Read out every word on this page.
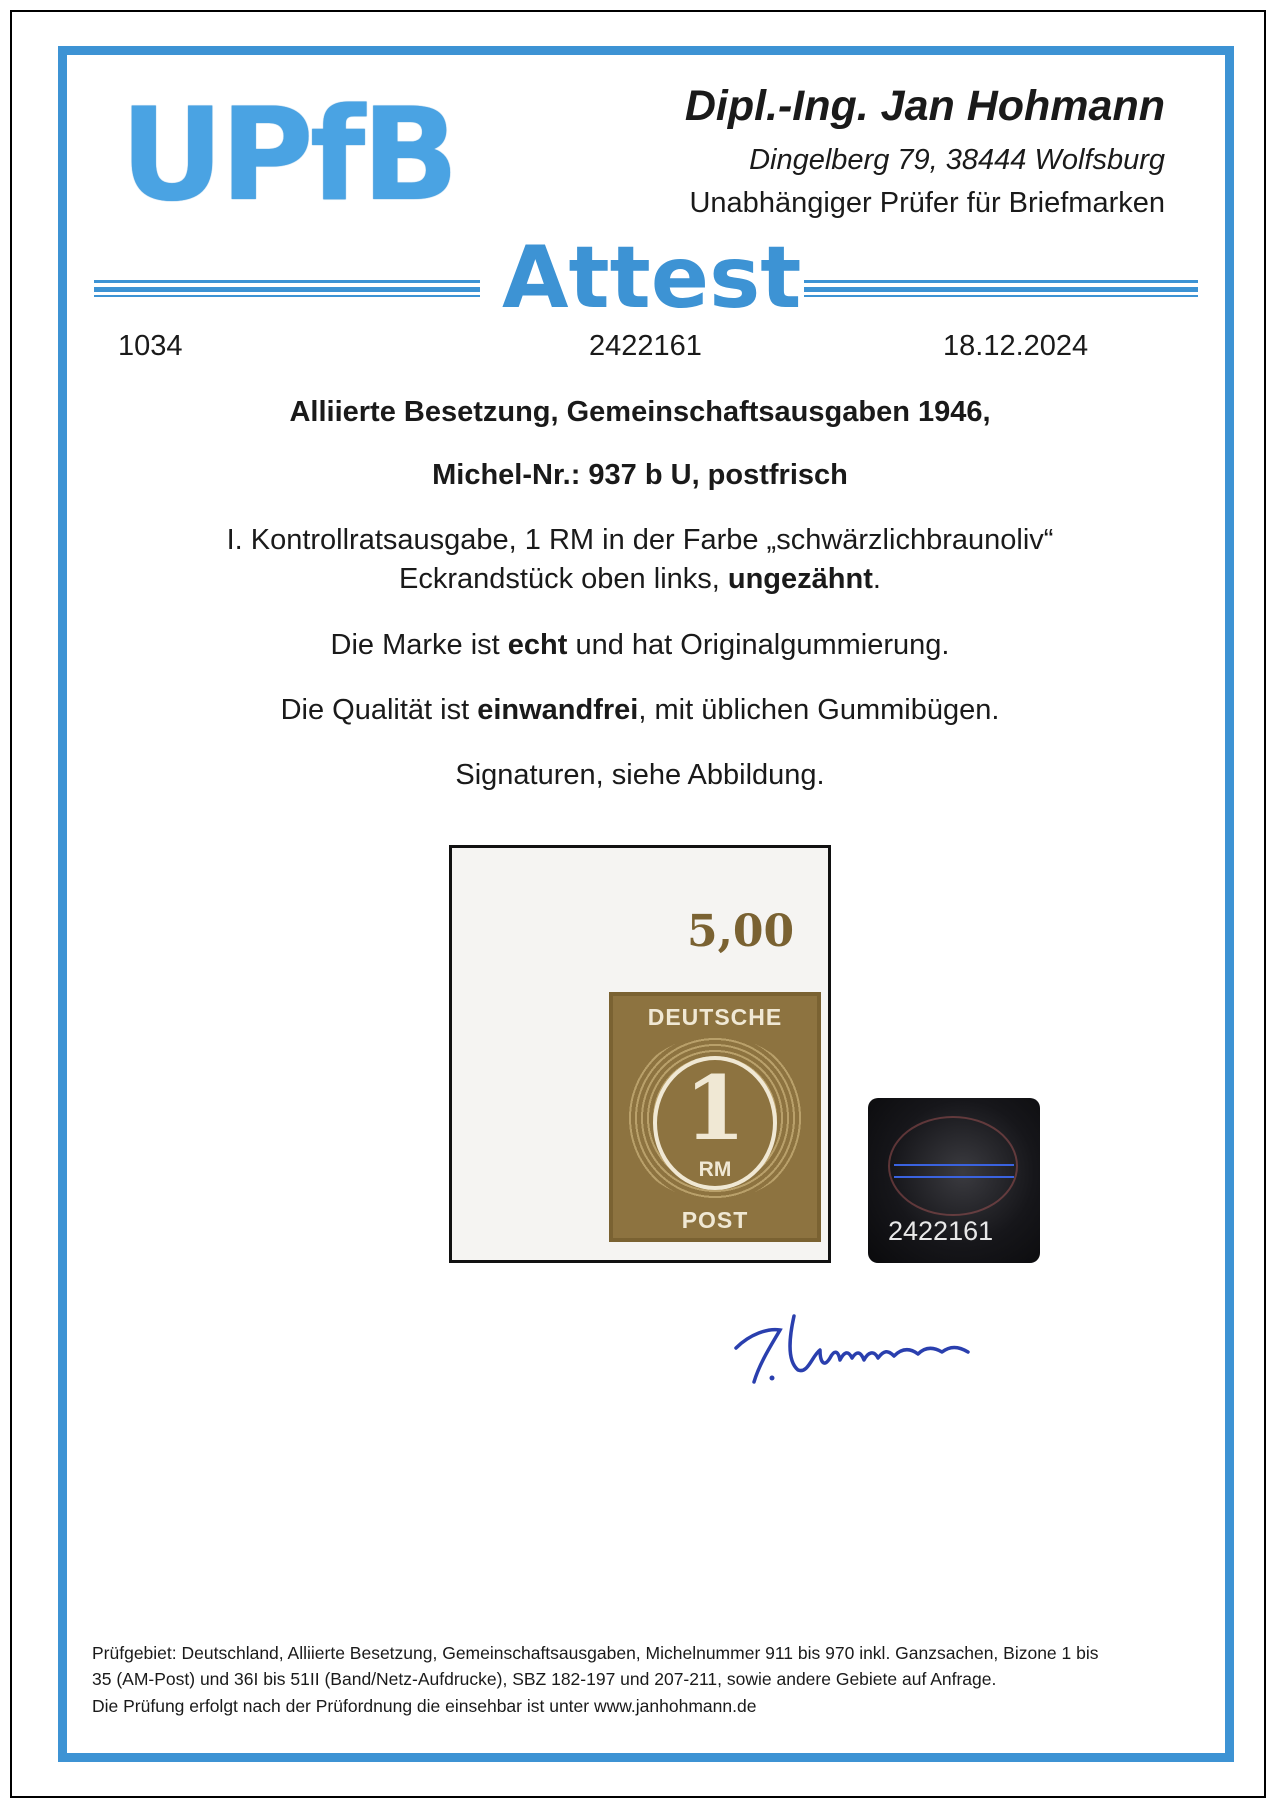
UPfB	Dipl.-Ing. Jan Hohmann
Dingelberg 79, 38444 Wolfsburg
Unabhängiger Prüfer für Briefmarken
Attest
1034	2422161	18.12.2024

Alliierte Besetzung, Gemeinschaftsausgaben 1946,

Michel-Nr.: 937 b U, postfrisch

I. Kontrollratsausgabe, 1 RM in der Farbe „schwärzlichbraunoliv“

Eckrandstück oben links, ungezähnt.

Die Marke ist echt und hat Originalgummierung.

Die Qualität ist einwandfrei, mit üblichen Gummibügen.

Signaturen, siehe Abbildung.

5,00
DEUTSCHE
1
RM
POST	2422161
Prüfgebiet: Deutschland, Alliierte Besetzung, Gemeinschaftsausgaben, Michelnummer 911 bis 970 inkl. Ganzsachen, Bizone 1 bis
35 (AM-Post) und 36I bis 51II (Band/Netz-Aufdrucke), SBZ 182-197 und 207-211, sowie andere Gebiete auf Anfrage.
Die Prüfung erfolgt nach der Prüfordnung die einsehbar ist unter www.janhohmann.de
